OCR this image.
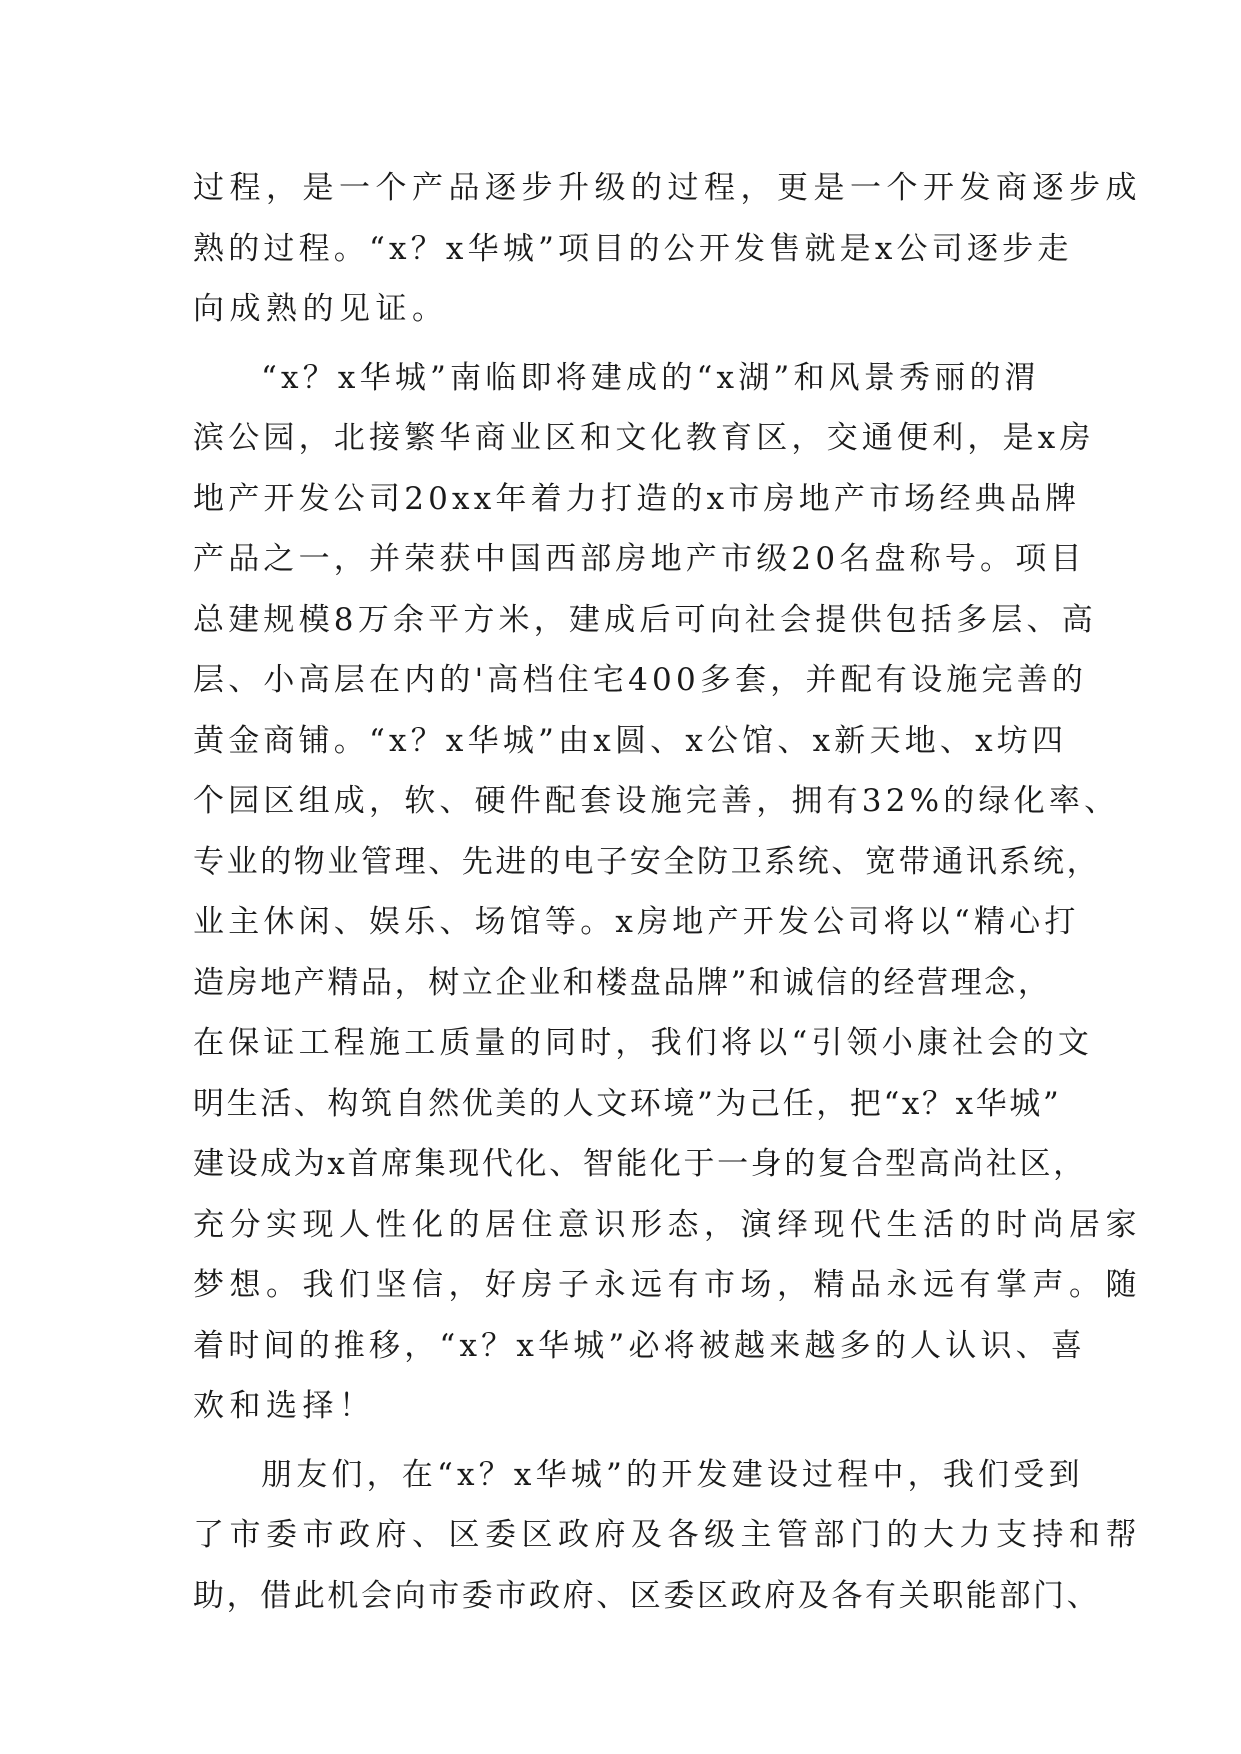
过程，是一个产品逐步升级的过程，更是一个开发商逐步成
熟的过程。“x？x华城”项目的公开发售就是x公司逐步走
向成熟的见证。
“x？x华城”南临即将建成的“x湖”和风景秀丽的渭
滨公园，北接繁华商业区和文化教育区，交通便利，是x房
地产开发公司20xx年着力打造的x市房地产市场经典品牌
产品之一，并荣获中国西部房地产市级20名盘称号。项目
总建规模8万余平方米，建成后可向社会提供包括多层、高
层、小高层在内的'高档住宅400多套，并配有设施完善的
黄金商铺。“x？x华城”由x圆、x公馆、x新天地、x坊四
个园区组成，软、硬件配套设施完善，拥有32%的绿化率、
专业的物业管理、先进的电子安全防卫系统、宽带通讯系统，
业主休闲、娱乐、场馆等。x房地产开发公司将以“精心打
造房地产精品，树立企业和楼盘品牌”和诚信的经营理念，
在保证工程施工质量的同时，我们将以“引领小康社会的文
明生活、构筑自然优美的人文环境”为己任，把“x？x华城”
建设成为x首席集现代化、智能化于一身的复合型高尚社区，
充分实现人性化的居住意识形态，演绎现代生活的时尚居家
梦想。我们坚信，好房子永远有市场，精品永远有掌声。随
着时间的推移，“x？x华城”必将被越来越多的人认识、喜
欢和选择！
朋友们，在“x？x华城”的开发建设过程中，我们受到
了市委市政府、区委区政府及各级主管部门的大力支持和帮
助，借此机会向市委市政府、区委区政府及各有关职能部门、
